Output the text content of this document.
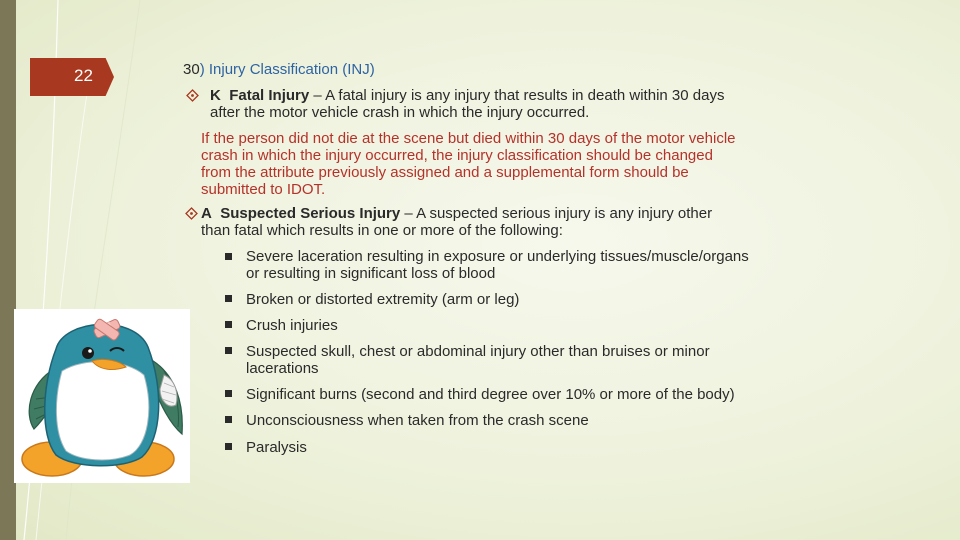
22	30) Injury Classification (INJ)

K Fatal Injury – A fatal injury is any injury that results in death within 30 days

after the motor vehicle crash in which the injury occurred.

If the person did not die at the scene but died within 30 days of the motor vehicle

crash in which the injury occurred, the injury classification should be changed

from the attribute previously assigned and a supplemental form should be

submitted to IDOT.

A Suspected Serious Injury – A suspected serious injury is any injury other

than fatal which results in one or more of the following:

Severe laceration resulting in exposure or underlying tissues/muscle/organs
or resulting in significant loss of blood
Broken or distorted extremity (arm or leg)
Crush injuries
Suspected skull, chest or abdominal injury other than bruises or minor
lacerations
Significant burns (second and third degree over 10% or more of the body)
Unconsciousness when taken from the crash scene
Paralysis
